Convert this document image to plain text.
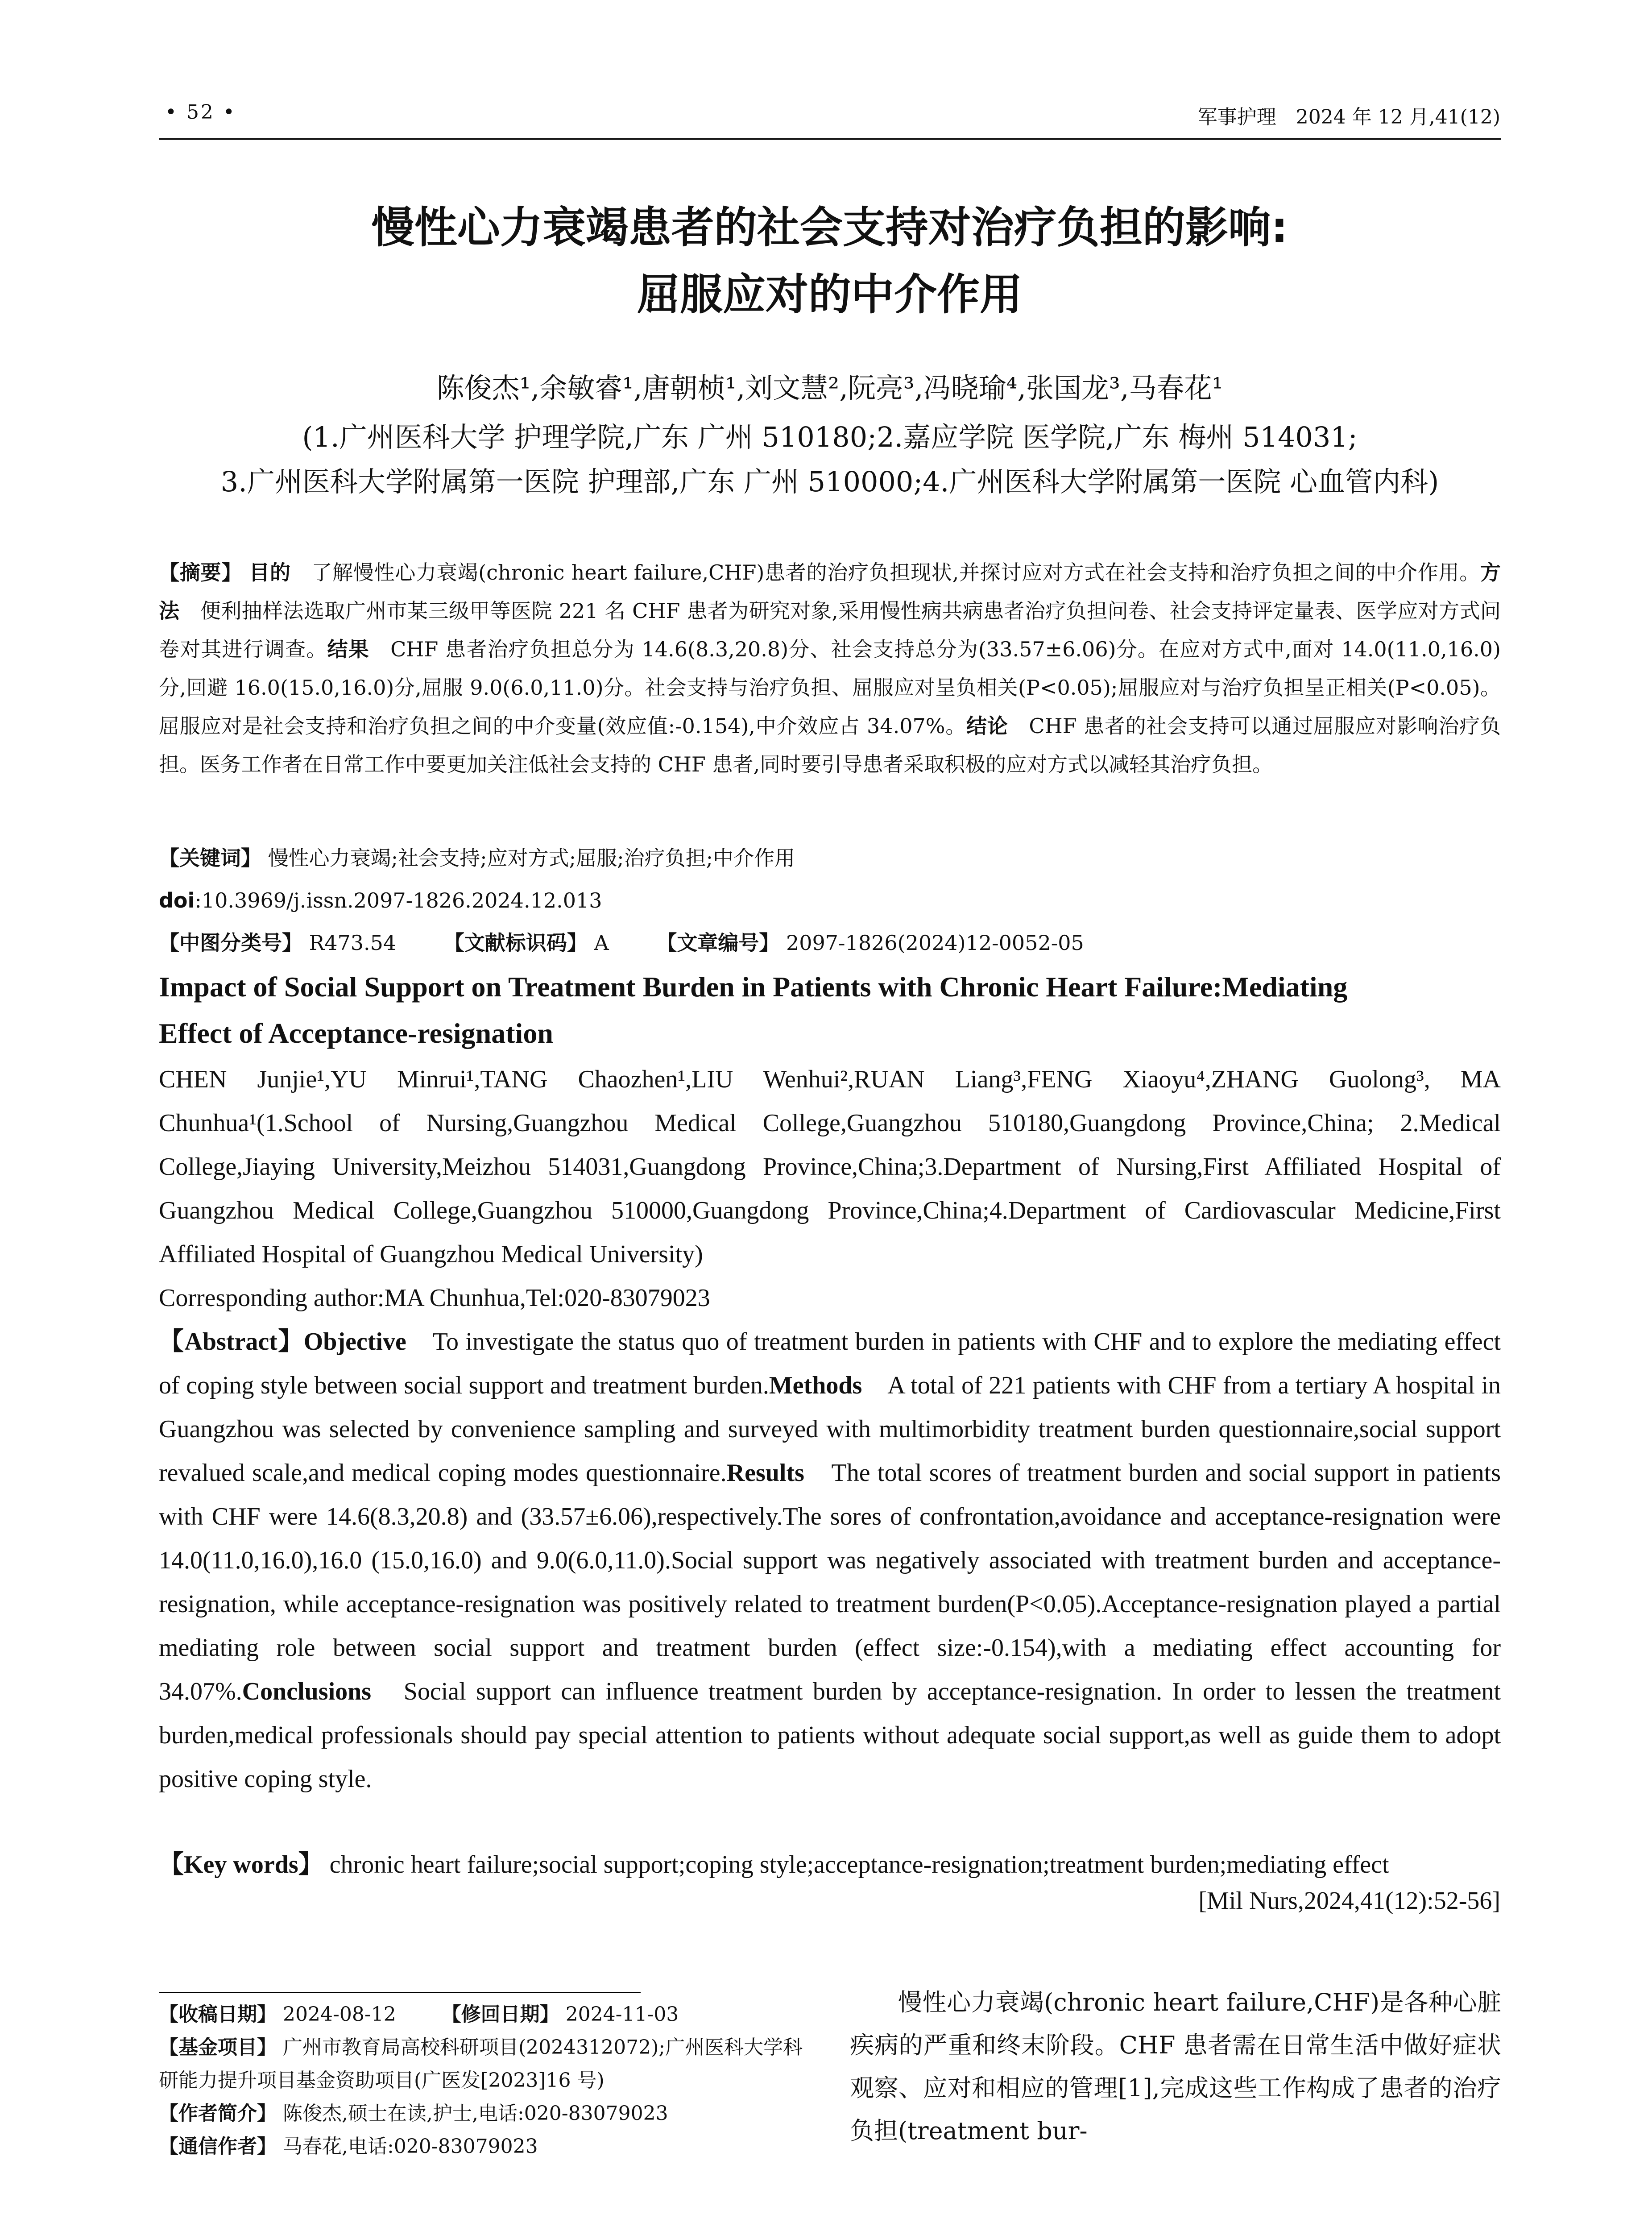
• 52 •	军事护理　2024 年 12 月,41(12)
慢性心力衰竭患者的社会支持对治疗负担的影响:
屈服应对的中介作用
陈俊杰¹,余敏睿¹,唐朝桢¹,刘文慧²,阮亮³,冯晓瑜⁴,张国龙³,马春花¹
(1.广州医科大学 护理学院,广东 广州 510180;2.嘉应学院 医学院,广东 梅州 514031;
3.广州医科大学附属第一医院 护理部,广东 广州 510000;4.广州医科大学附属第一医院 心血管内科)
【摘要】 目的　 了解慢性心力衰竭(chronic heart failure,CHF)患者的治疗负担现状,并探讨应对方式在社会支持和治疗负担之间的中介作用。方法　 便利抽样法选取广州市某三级甲等医院 221 名 CHF 患者为研究对象,采用慢性病共病患者治疗负担问卷、社会支持评定量表、医学应对方式问卷对其进行调查。结果　 CHF 患者治疗负担总分为 14.6(8.3,20.8)分、社会支持总分为(33.57±6.06)分。在应对方式中,面对 14.0(11.0,16.0)分,回避 16.0(15.0,16.0)分,屈服 9.0(6.0,11.0)分。社会支持与治疗负担、屈服应对呈负相关(P<0.05);屈服应对与治疗负担呈正相关(P<0.05)。屈服应对是社会支持和治疗负担之间的中介变量(效应值:-0.154),中介效应占 34.07%。结论　 CHF 患者的社会支持可以通过屈服应对影响治疗负担。医务工作者在日常工作中要更加关注低社会支持的 CHF 患者,同时要引导患者采取积极的应对方式以减轻其治疗负担。
【关键词】 慢性心力衰竭;社会支持;应对方式;屈服;治疗负担;中介作用
doi:10.3969/j.issn.2097-1826.2024.12.013
【中图分类号】 R473.54　　 【文献标识码】 A　　 【文章编号】 2097-1826(2024)12-0052-05
Impact of Social Support on Treatment Burden in Patients with Chronic Heart Failure:Mediating
Effect of Acceptance-resignation
CHEN Junjie¹,YU Minrui¹,TANG Chaozhen¹,LIU Wenhui²,RUAN Liang³,FENG Xiaoyu⁴,ZHANG Guolong³, MA Chunhua¹(1.School of Nursing,Guangzhou Medical College,Guangzhou 510180,Guangdong Province,China; 2.Medical College,Jiaying University,Meizhou 514031,Guangdong Province,China;3.Department of Nursing,First Affiliated Hospital of Guangzhou Medical College,Guangzhou 510000,Guangdong Province,China;4.Department of Cardiovascular Medicine,First Affiliated Hospital of Guangzhou Medical University)
Corresponding author:MA Chunhua,Tel:020-83079023
【Abstract】Objective　 To investigate the status quo of treatment burden in patients with CHF and to explore the mediating effect of coping style between social support and treatment burden.Methods　 A total of 221 patients with CHF from a tertiary A hospital in Guangzhou was selected by convenience sampling and surveyed with multimorbidity treatment burden questionnaire,social support revalued scale,and medical coping modes questionnaire.Results　 The total scores of treatment burden and social support in patients with CHF were 14.6(8.3,20.8) and (33.57±6.06),respectively.The sores of confrontation,avoidance and acceptance-resignation were 14.0(11.0,16.0),16.0 (15.0,16.0) and 9.0(6.0,11.0).Social support was negatively associated with treatment burden and acceptance-resignation, while acceptance-resignation was positively related to treatment burden(P<0.05).Acceptance-resignation played a partial mediating role between social support and treatment burden (effect size:-0.154),with a mediating effect accounting for 34.07%.Conclusions　 Social support can influence treatment burden by acceptance-resignation. In order to lessen the treatment burden,medical professionals should pay special attention to patients without adequate social support,as well as guide them to adopt positive coping style.
【Key words】 chronic heart failure;social support;coping style;acceptance-resignation;treatment burden;mediating effect
[Mil Nurs,2024,41(12):52-56]
【收稿日期】 2024-08-12　　 【修回日期】 2024-11-03
【基金项目】 广州市教育局高校科研项目(2024312072);广州医科大学科研能力提升项目基金资助项目(广医发[2023]16 号)
【作者简介】 陈俊杰,硕士在读,护士,电话:020-83079023
【通信作者】 马春花,电话:020-83079023
慢性心力衰竭(chronic heart failure,CHF)是各种心脏疾病的严重和终末阶段。CHF 患者需在日常生活中做好症状观察、应对和相应的管理[1],完成这些工作构成了患者的治疗负担(treatment bur-
